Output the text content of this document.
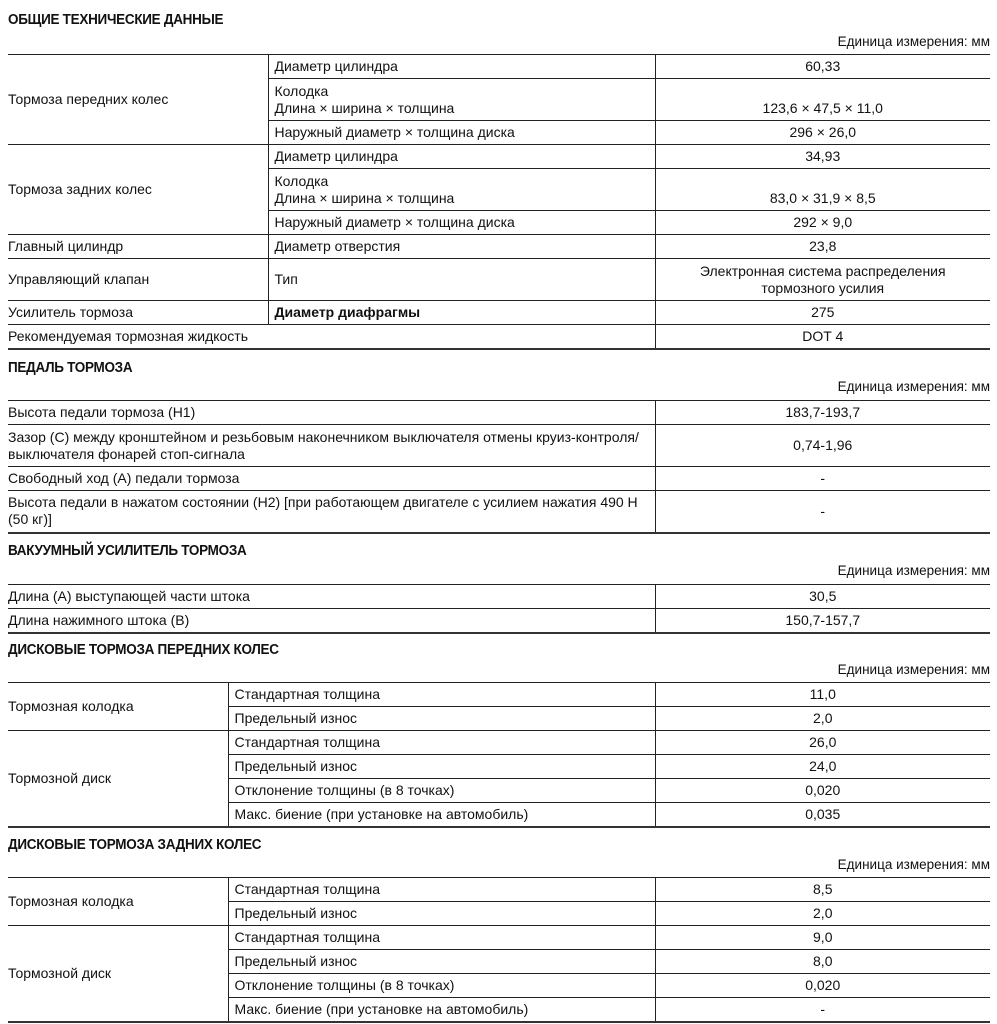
ОБЩИЕ ТЕХНИЧЕСКИЕ ДАННЫЕ
Единица измерения: мм
Тормоза передних колес	Диаметр цилиндра	60,33

	Колодка
Длина × ширина × толщина	123,6 × 47,5 × 11,0
	Наружный диаметр × толщина диска	296 × 26,0
Тормоза задних колес	Диаметр цилиндра	34,93

	Колодка
Длина × ширина × толщина	83,0 × 31,9 × 8,5
	Наружный диаметр × толщина диска	292 × 9,0
Главный цилиндр	Диаметр отверстия	23,8
Управляющий клапан	Тип	Электронная система распределения
тормозного усилия

Усилитель тормоза	Диаметр диафрагмы	275
Рекомендуемая тормозная жидкость		DOT 4
ПЕДАЛЬ ТОРМОЗА
Единица измерения: мм
Высота педали тормоза (H1)	183,7-193,7
Зазор (C) между кронштейном и резьбовым наконечником выключателя отмены круиз-контроля/выключателя фонарей стоп-сигнала	0,74-1,96
Свободный ход (A) педали тормоза	-
Высота педали в нажатом состоянии (H2) [при работающем двигателе с усилием нажатия 490 Н (50 кг)]	-
ВАКУУМНЫЙ УСИЛИТЕЛЬ ТОРМОЗА
Единица измерения: мм
Длина (A) выступающей части штока	30,5
Длина нажимного штока (B)	150,7-157,7
ДИСКОВЫЕ ТОРМОЗА ПЕРЕДНИХ КОЛЕС
Единица измерения: мм
Тормозная колодка	Стандартная толщина	11,0
	Предельный износ	2,0
Тормозной диск	Стандартная толщина	26,0
	Предельный износ	24,0
	Отклонение толщины (в 8 точках)	0,020
	Макс. биение (при установке на автомобиль)	0,035
ДИСКОВЫЕ ТОРМОЗА ЗАДНИХ КОЛЕС
Единица измерения: мм
Тормозная колодка	Стандартная толщина	8,5
	Предельный износ	2,0
Тормозной диск	Стандартная толщина	9,0
	Предельный износ	8,0
	Отклонение толщины (в 8 точках)	0,020
	Макс. биение (при установке на автомобиль)	-
